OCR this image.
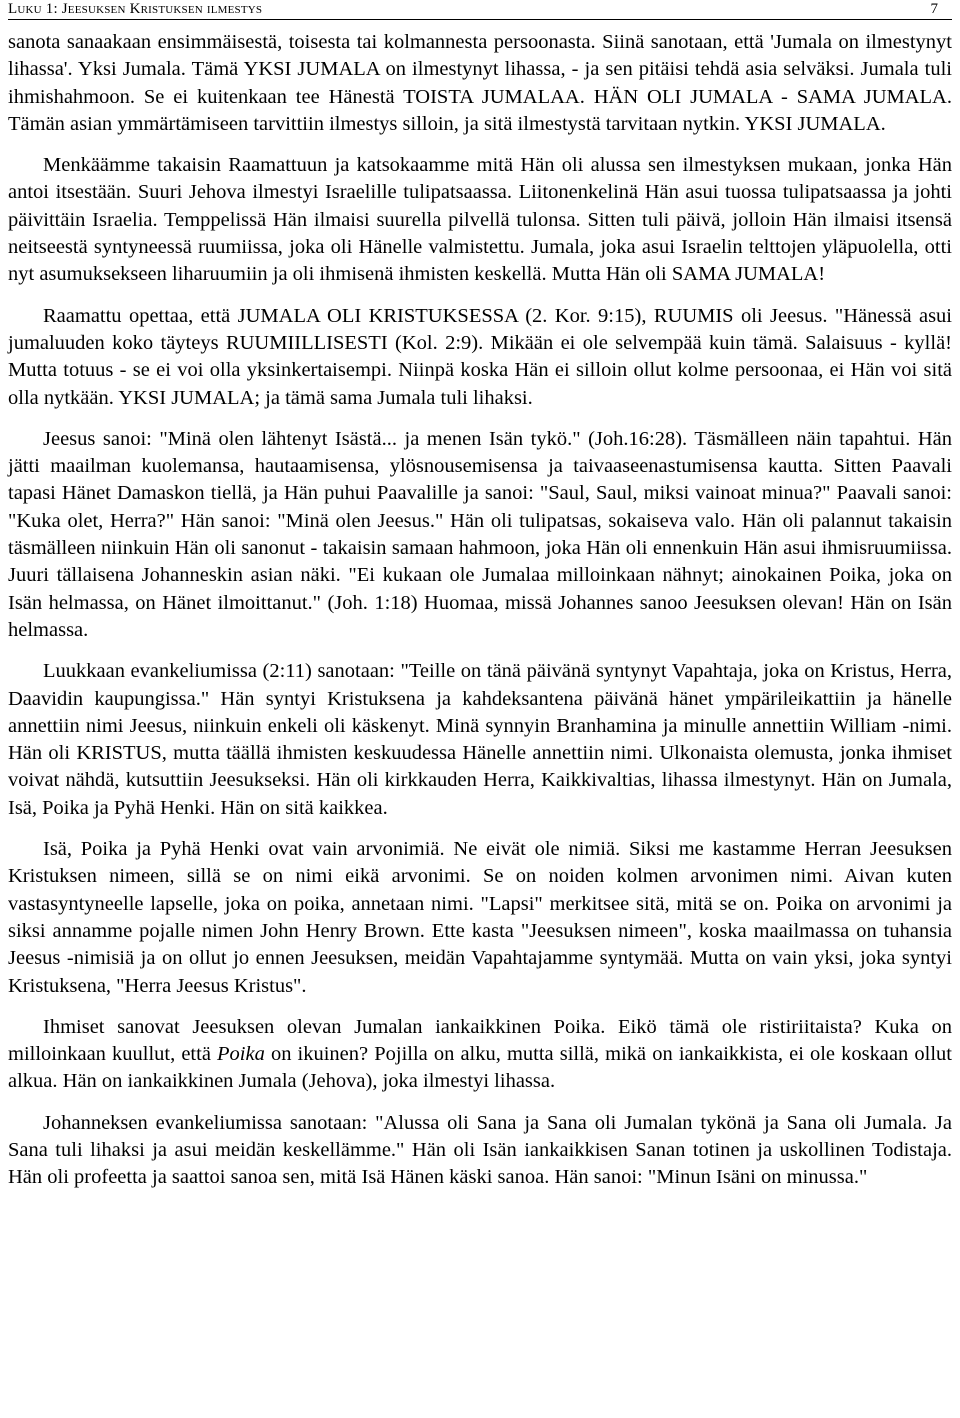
Luku 1: Jeesuksen Kristuksen ilmestys	7

sanota sanaakaan ensimmäisestä, toisesta tai kolmannesta persoonasta. Siinä sanotaan, että 'Jumala on ilmestynyt lihassa'. Yksi Jumala. Tämä YKSI JUMALA on ilmestynyt lihassa, - ja sen pitäisi tehdä asia selväksi. Jumala tuli ihmishahmoon. Se ei kuitenkaan tee Hänestä TOISTA JUMALAA. HÄN OLI JUMALA - SAMA JUMALA. Tämän asian ymmärtämiseen tarvittiin ilmestys silloin, ja sitä ilmestystä tarvitaan nytkin. YKSI JUMALA.

Menkäämme takaisin Raamattuun ja katsokaamme mitä Hän oli alussa sen ilmestyksen mukaan, jonka Hän antoi itsestään. Suuri Jehova ilmestyi Israelille tulipatsaassa. Liitonenkelinä Hän asui tuossa tulipatsaassa ja johti päivittäin Israelia. Temppelissä Hän ilmaisi suurella pilvellä tulonsa. Sitten tuli päivä, jolloin Hän ilmaisi itsensä neitseestä syntyneessä ruumiissa, joka oli Hänelle valmistettu. Jumala, joka asui Israelin telttojen yläpuolella, otti nyt asumuksekseen liharuumiin ja oli ihmisenä ihmisten keskellä. Mutta Hän oli SAMA JUMALA!

Raamattu opettaa, että JUMALA OLI KRISTUKSESSA (2. Kor. 9:15), RUUMIS oli Jeesus. "Hänessä asui jumaluuden koko täyteys RUUMIILLISESTI (Kol. 2:9). Mikään ei ole selvempää kuin tämä. Salaisuus - kyllä! Mutta totuus - se ei voi olla yksinkertaisempi. Niinpä koska Hän ei silloin ollut kolme persoonaa, ei Hän voi sitä olla nytkään. YKSI JUMALA; ja tämä sama Jumala tuli lihaksi.

Jeesus sanoi: "Minä olen lähtenyt Isästä... ja menen Isän tykö." (Joh.16:28). Täsmälleen näin tapahtui. Hän jätti maailman kuolemansa, hautaamisensa, ylösnousemisensa ja taivaaseenastumisensa kautta. Sitten Paavali tapasi Hänet Damaskon tiellä, ja Hän puhui Paavalille ja sanoi: "Saul, Saul, miksi vainoat minua?" Paavali sanoi: "Kuka olet, Herra?" Hän sanoi: "Minä olen Jeesus." Hän oli tulipatsas, sokaiseva valo. Hän oli palannut takaisin täsmälleen niinkuin Hän oli sanonut - takaisin samaan hahmoon, joka Hän oli ennenkuin Hän asui ihmisruumiissa. Juuri tällaisena Johanneskin asian näki. "Ei kukaan ole Jumalaa milloinkaan nähnyt; ainokainen Poika, joka on Isän helmassa, on Hänet ilmoittanut." (Joh. 1:18) Huomaa, missä Johannes sanoo Jeesuksen olevan! Hän on Isän helmassa.

Luukkaan evankeliumissa (2:11) sanotaan: "Teille on tänä päivänä syntynyt Vapahtaja, joka on Kristus, Herra, Daavidin kaupungissa." Hän syntyi Kristuksena ja kahdeksantena päivänä hänet ympärileikattiin ja hänelle annettiin nimi Jeesus, niinkuin enkeli oli käskenyt. Minä synnyin Branhamina ja minulle annettiin William -nimi. Hän oli KRISTUS, mutta täällä ihmisten keskuudessa Hänelle annettiin nimi. Ulkonaista olemusta, jonka ihmiset voivat nähdä, kutsuttiin Jeesukseksi. Hän oli kirkkauden Herra, Kaikkivaltias, lihassa ilmestynyt. Hän on Jumala, Isä, Poika ja Pyhä Henki. Hän on sitä kaikkea.

Isä, Poika ja Pyhä Henki ovat vain arvonimiä. Ne eivät ole nimiä. Siksi me kastamme Herran Jeesuksen Kristuksen nimeen, sillä se on nimi eikä arvonimi. Se on noiden kolmen arvonimen nimi. Aivan kuten vastasyntyneelle lapselle, joka on poika, annetaan nimi. "Lapsi" merkitsee sitä, mitä se on. Poika on arvonimi ja siksi annamme pojalle nimen John Henry Brown. Ette kasta "Jeesuksen nimeen", koska maailmassa on tuhansia Jeesus -nimisiä ja on ollut jo ennen Jeesuksen, meidän Vapahtajamme syntymää. Mutta on vain yksi, joka syntyi Kristuksena, "Herra Jeesus Kristus".

Ihmiset sanovat Jeesuksen olevan Jumalan iankaikkinen Poika. Eikö tämä ole ristiriitaista? Kuka on milloinkaan kuullut, että Poika on ikuinen? Pojilla on alku, mutta sillä, mikä on iankaikkista, ei ole koskaan ollut alkua. Hän on iankaikkinen Jumala (Jehova), joka ilmestyi lihassa.

Johanneksen evankeliumissa sanotaan: "Alussa oli Sana ja Sana oli Jumalan tykönä ja Sana oli Jumala. Ja Sana tuli lihaksi ja asui meidän keskellämme." Hän oli Isän iankaikkisen Sanan totinen ja uskollinen Todistaja. Hän oli profeetta ja saattoi sanoa sen, mitä Isä Hänen käski sanoa. Hän sanoi: "Minun Isäni on minussa."
